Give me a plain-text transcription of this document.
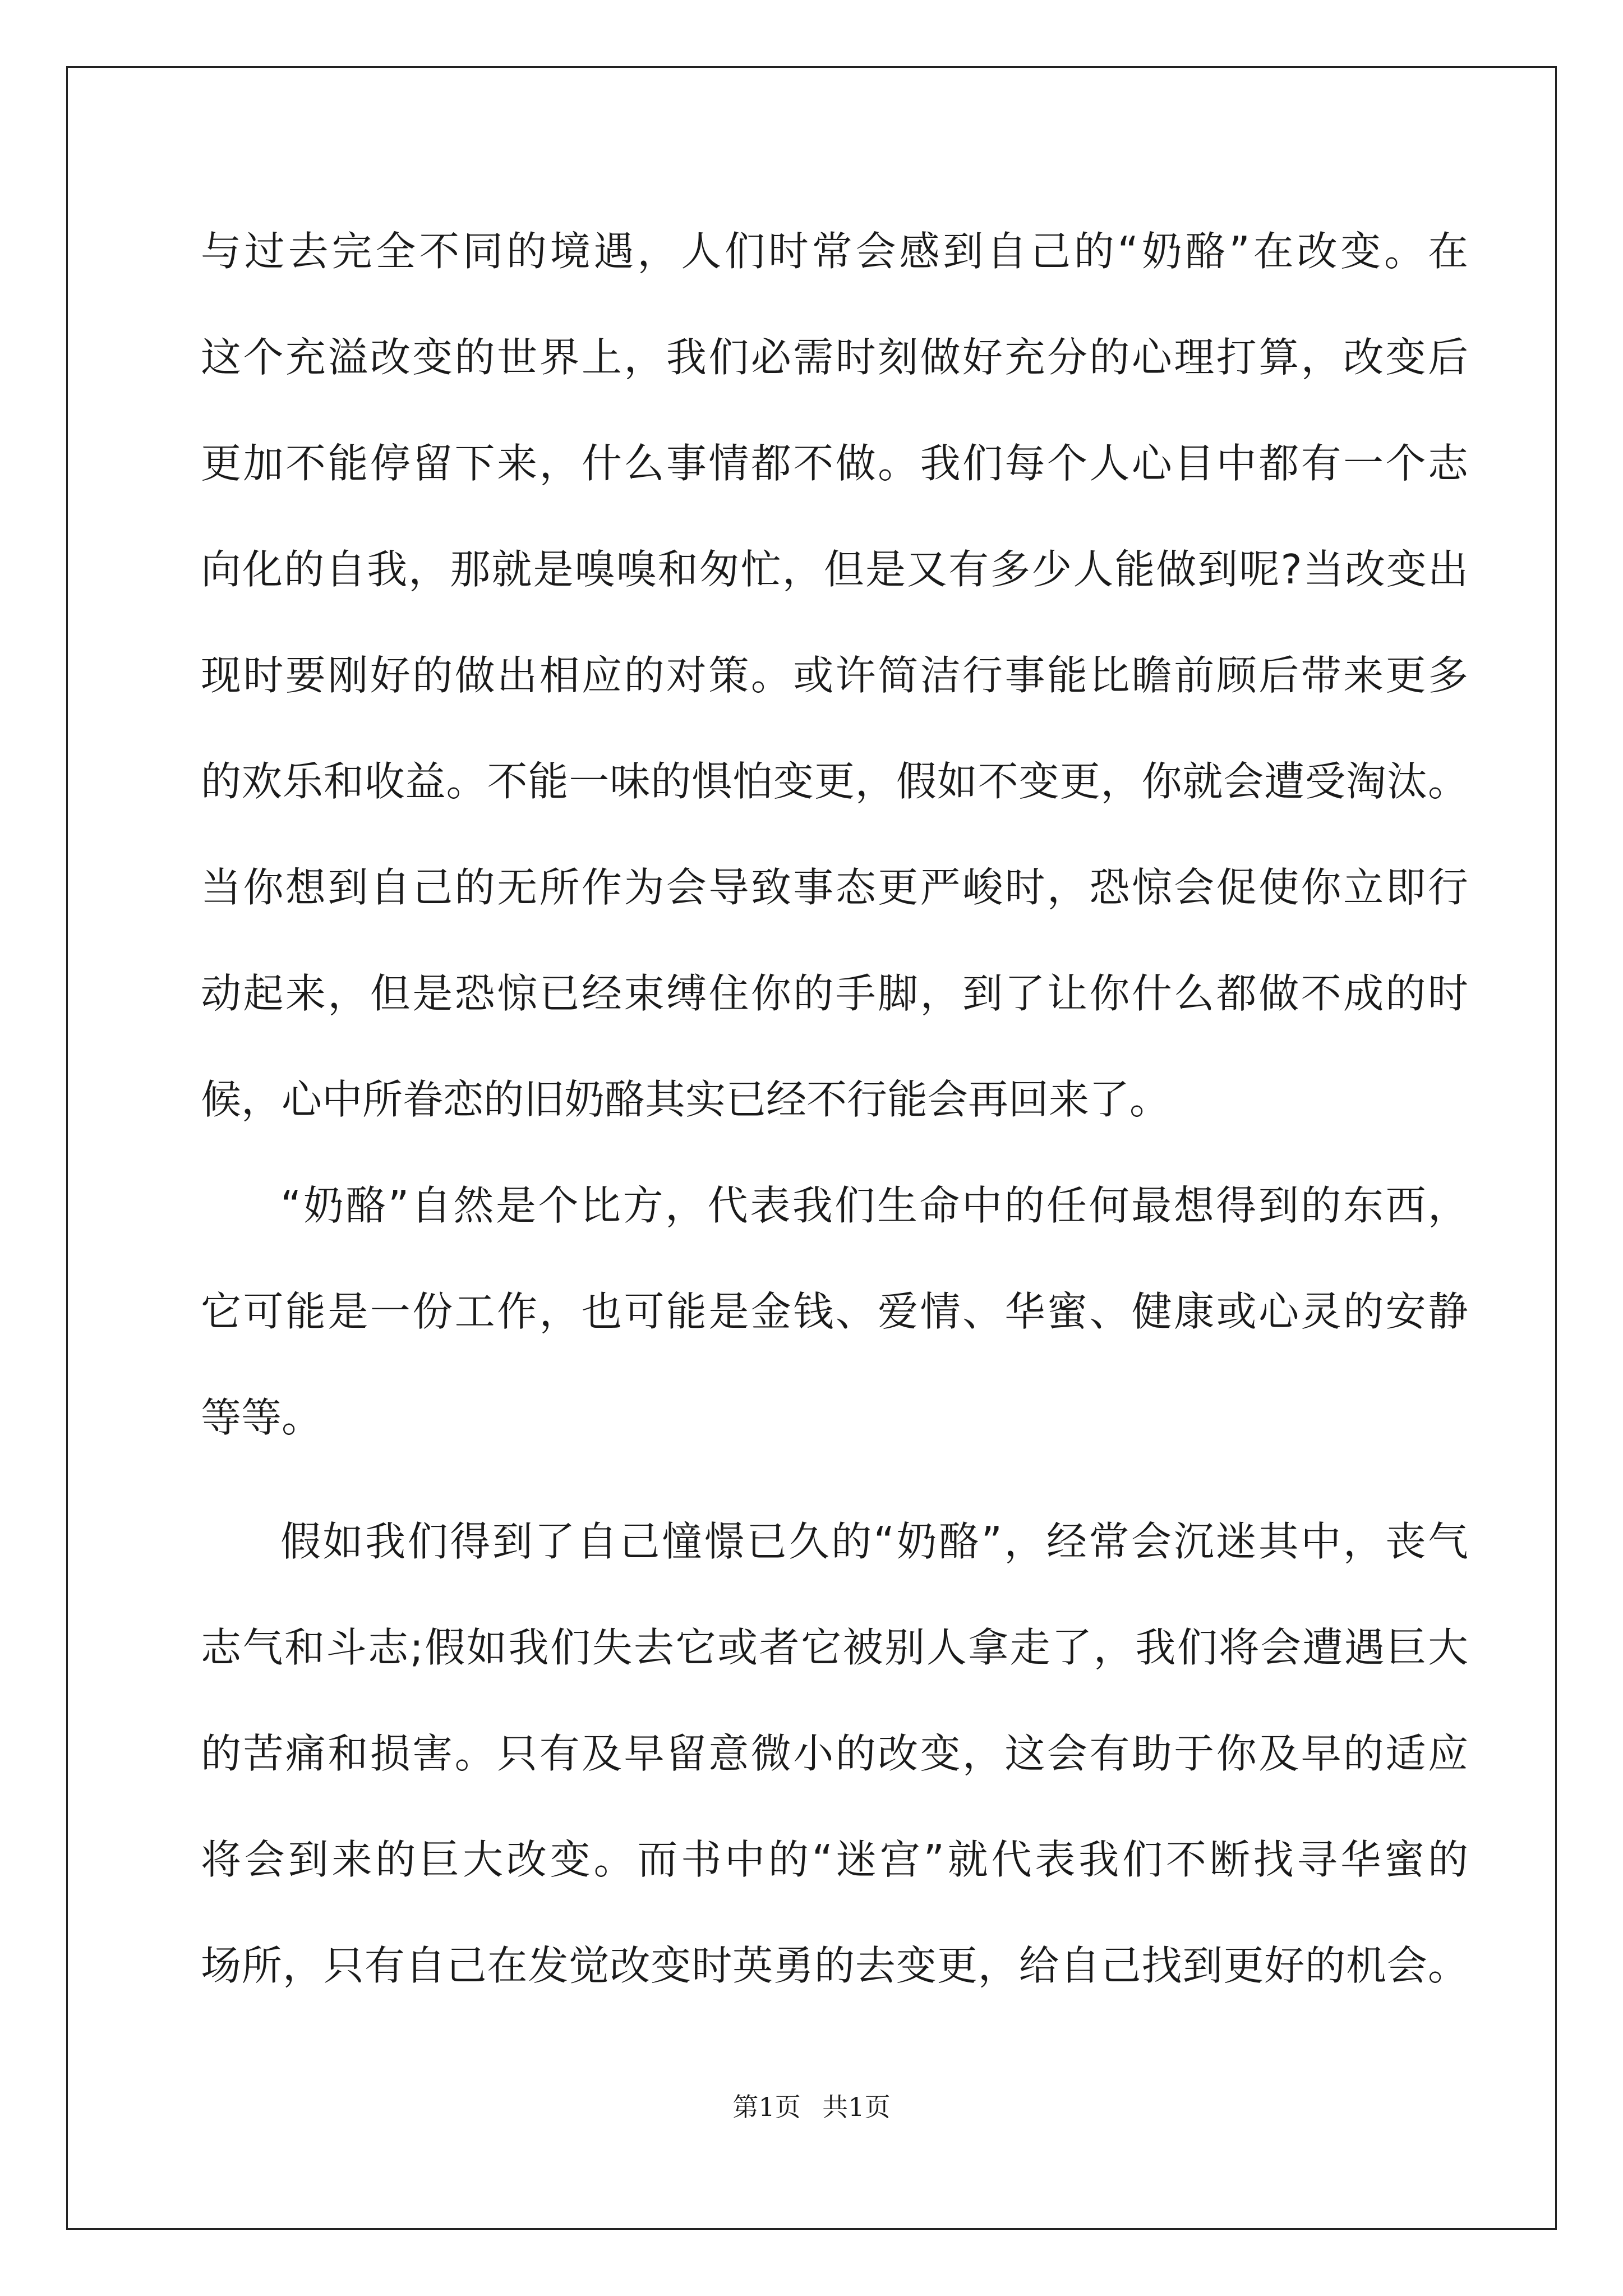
与过去完全不同的境遇，人们时常会感到自己的“奶酪”在改变。在
这个充溢改变的世界上，我们必需时刻做好充分的心理打算，改变后
更加不能停留下来，什么事情都不做。我们每个人心目中都有一个志
向化的自我，那就是嗅嗅和匆忙，但是又有多少人能做到呢?当改变出
现时要刚好的做出相应的对策。或许简洁行事能比瞻前顾后带来更多
的欢乐和收益。不能一味的惧怕变更，假如不变更，你就会遭受淘汰。
当你想到自己的无所作为会导致事态更严峻时，恐惊会促使你立即行
动起来，但是恐惊已经束缚住你的手脚，到了让你什么都做不成的时
候，心中所眷恋的旧奶酪其实已经不行能会再回来了。
“奶酪”自然是个比方，代表我们生命中的任何最想得到的东西，
它可能是一份工作，也可能是金钱、爱情、华蜜、健康或心灵的安静
等等。
假如我们得到了自己憧憬已久的“奶酪”，经常会沉迷其中，丧气
志气和斗志;假如我们失去它或者它被别人拿走了，我们将会遭遇巨大
的苦痛和损害。只有及早留意微小的改变，这会有助于你及早的适应
将会到来的巨大改变。而书中的“迷宫”就代表我们不断找寻华蜜的
场所，只有自己在发觉改变时英勇的去变更，给自己找到更好的机会。
第1页 共1页
